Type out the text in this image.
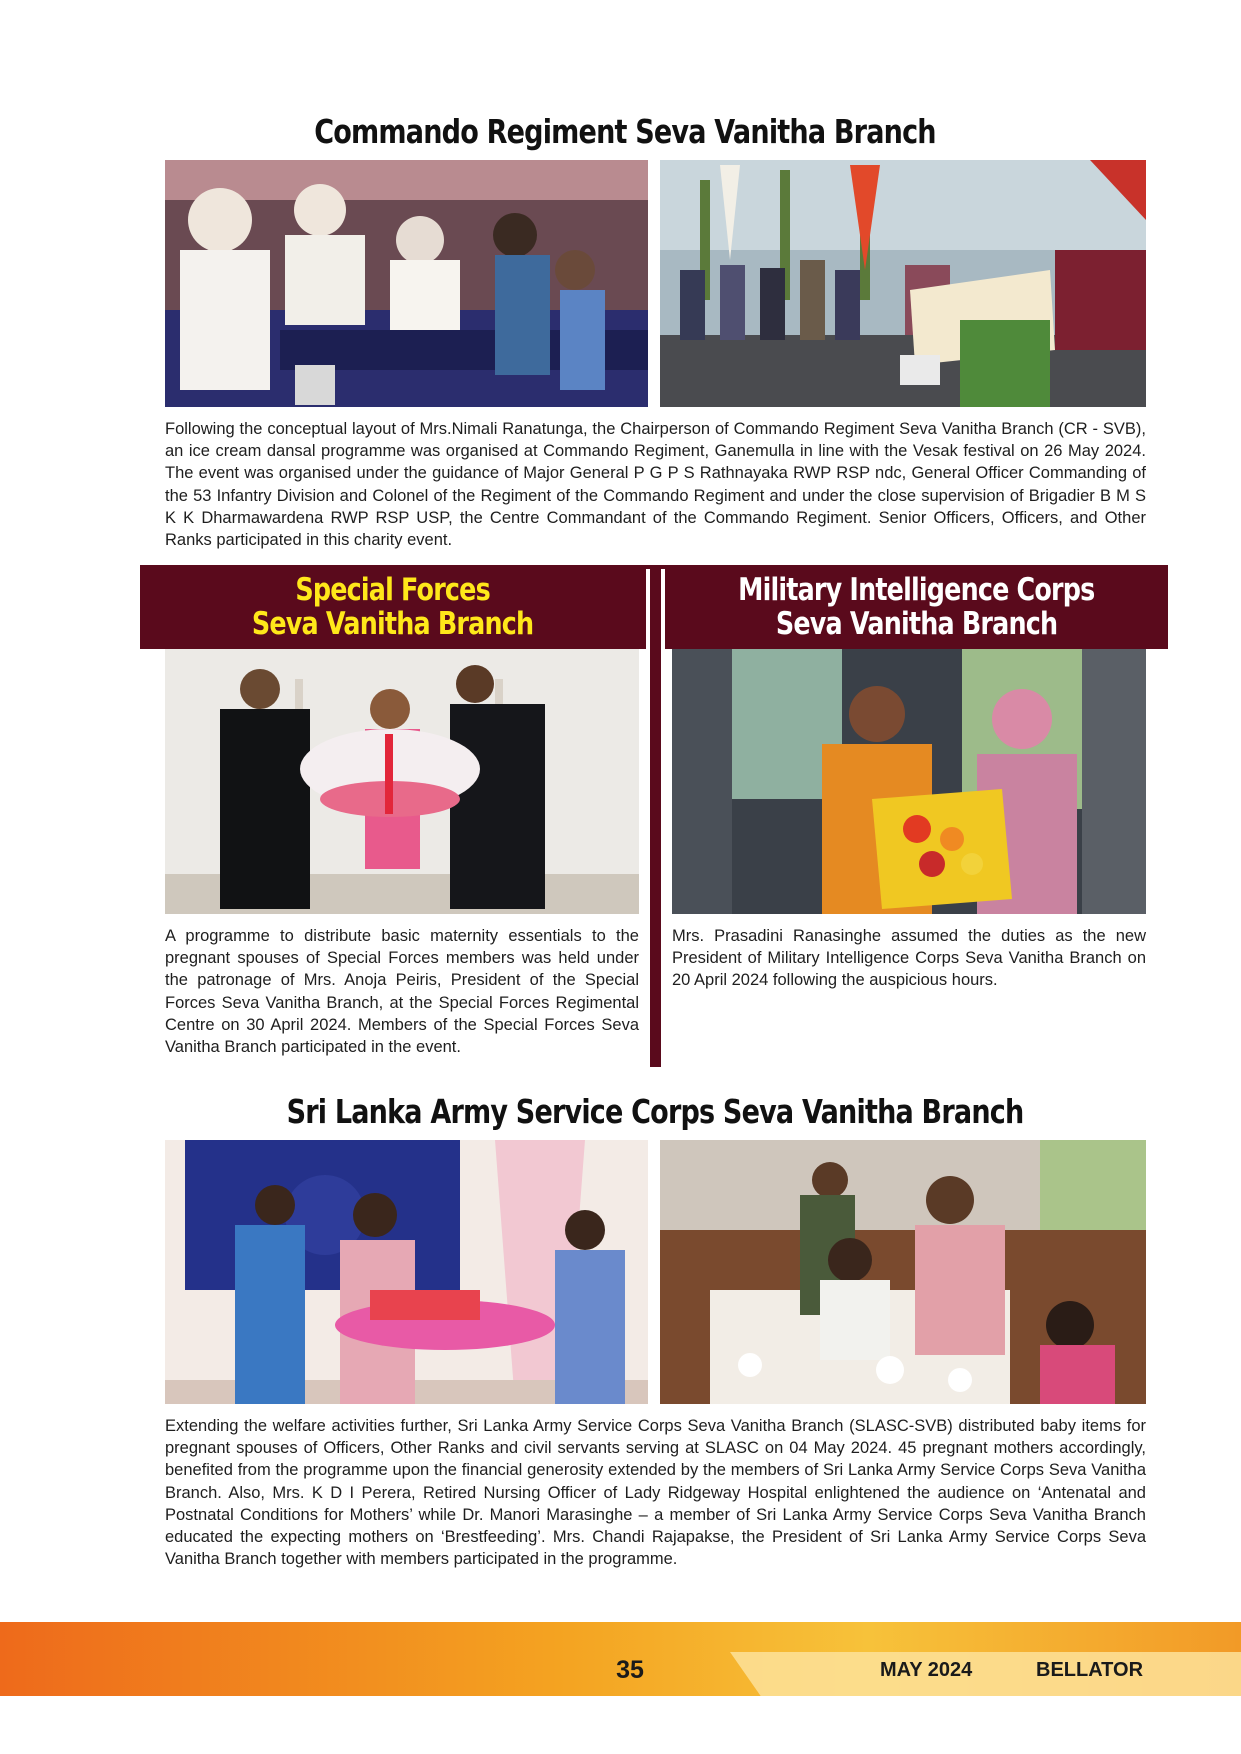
Commando Regiment Seva Vanitha Branch

Following the conceptual layout of Mrs.Nimali Ranatunga, the Chairperson of Commando Regiment Seva Vanitha Branch (CR - SVB), an ice cream dansal programme was organised at Commando Regiment, Ganemulla in line with the Vesak festival on 26 May 2024. The event was organised under the guidance of Major General P G P S Rathnayaka RWP RSP ndc, General Officer Commanding of the 53 Infantry Division and Colonel of the Regiment of the Commando Regiment and under the close supervision of Brigadier B M S K K Dharmawardena RWP RSP USP, the Centre Commandant of the Commando Regiment. Senior Officers, Officers, and Other Ranks participated in this charity event.

Special Forces
Seva Vanitha Branch
Military Intelligence Corps
Seva Vanitha Branch

A programme to distribute basic maternity essentials to the pregnant spouses of Special Forces members was held under the patronage of Mrs. Anoja Peiris, President of the Special Forces Seva Vanitha Branch, at the Special Forces Regimental Centre on 30 April 2024. Members of the Special Forces Seva Vanitha Branch participated in the event.

Mrs. Prasadini Ranasinghe assumed the duties as the new President of Military Intelligence Corps Seva Vanitha Branch on 20 April 2024 following the auspicious hours.

Sri Lanka Army Service Corps Seva Vanitha Branch

Extending the welfare activities further, Sri Lanka Army Service Corps Seva Vanitha Branch (SLASC-SVB) distributed baby items for pregnant spouses of Officers, Other Ranks and civil servants serving at SLASC on 04 May 2024. 45 pregnant mothers accordingly, benefited from the programme upon the financial generosity extended by the members of Sri Lanka Army Service Corps Seva Vanitha Branch. Also, Mrs. K D I Perera, Retired Nursing Officer of Lady Ridgeway Hospital enlightened the audience on ‘Antenatal and Postnatal Conditions for Mothers’ while Dr. Manori Marasinghe – a member of Sri Lanka Army Service Corps Seva Vanitha Branch educated the expecting mothers on ‘Brestfeeding’. Mrs. Chandi Rajapakse, the President of Sri Lanka Army Service Corps Seva Vanitha Branch together with members participated in the programme.

35	MAY 2024	BELLATOR
